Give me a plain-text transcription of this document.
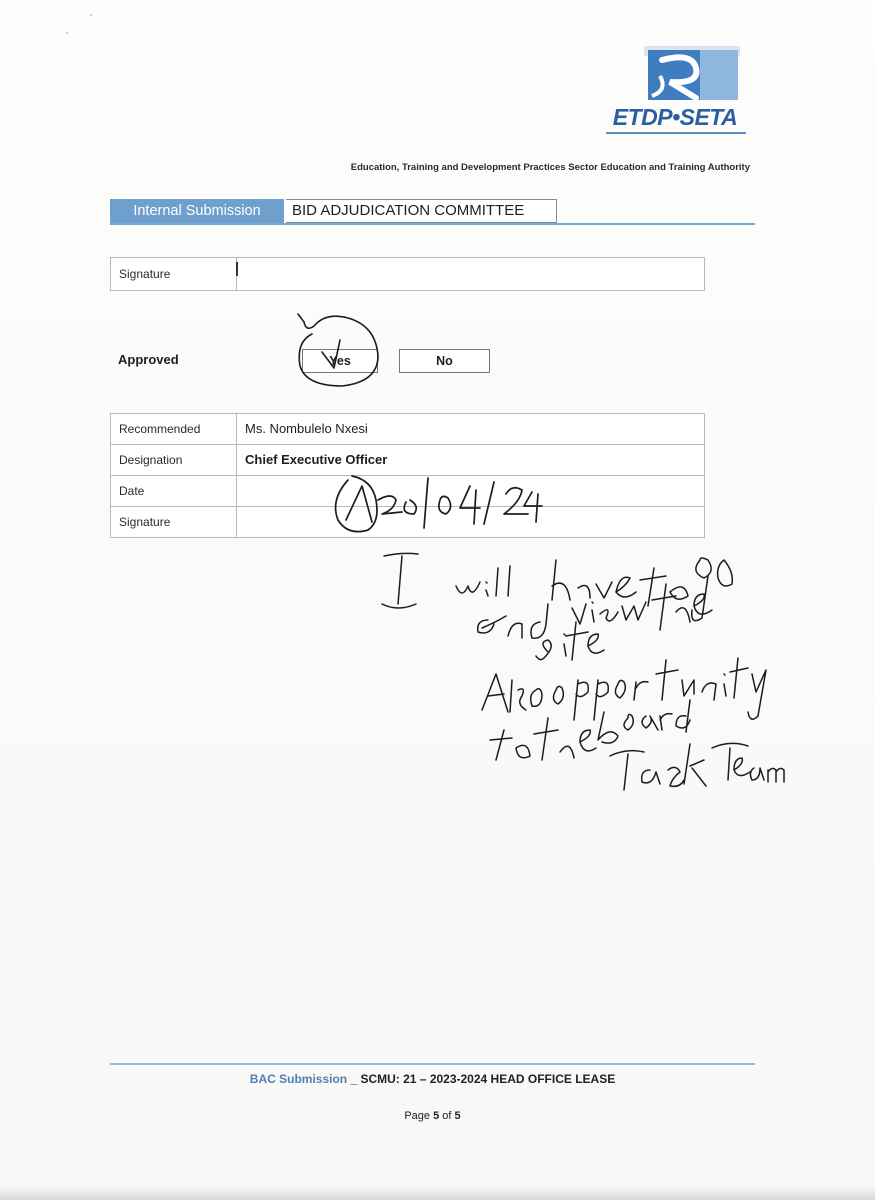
ETDP•SETA
Education, Training and Development Practices Sector Education and Training Authority
Internal Submission	BID ADJUDICATION COMMITTEE
Signature
Approved	Yes	No
Recommended	Ms. Nombulelo Nxesi
Designation	Chief Executive Officer
Date
Signature
BAC Submission _ SCMU: 21 – 2023-2024 HEAD OFFICE LEASE
Page 5 of 5
